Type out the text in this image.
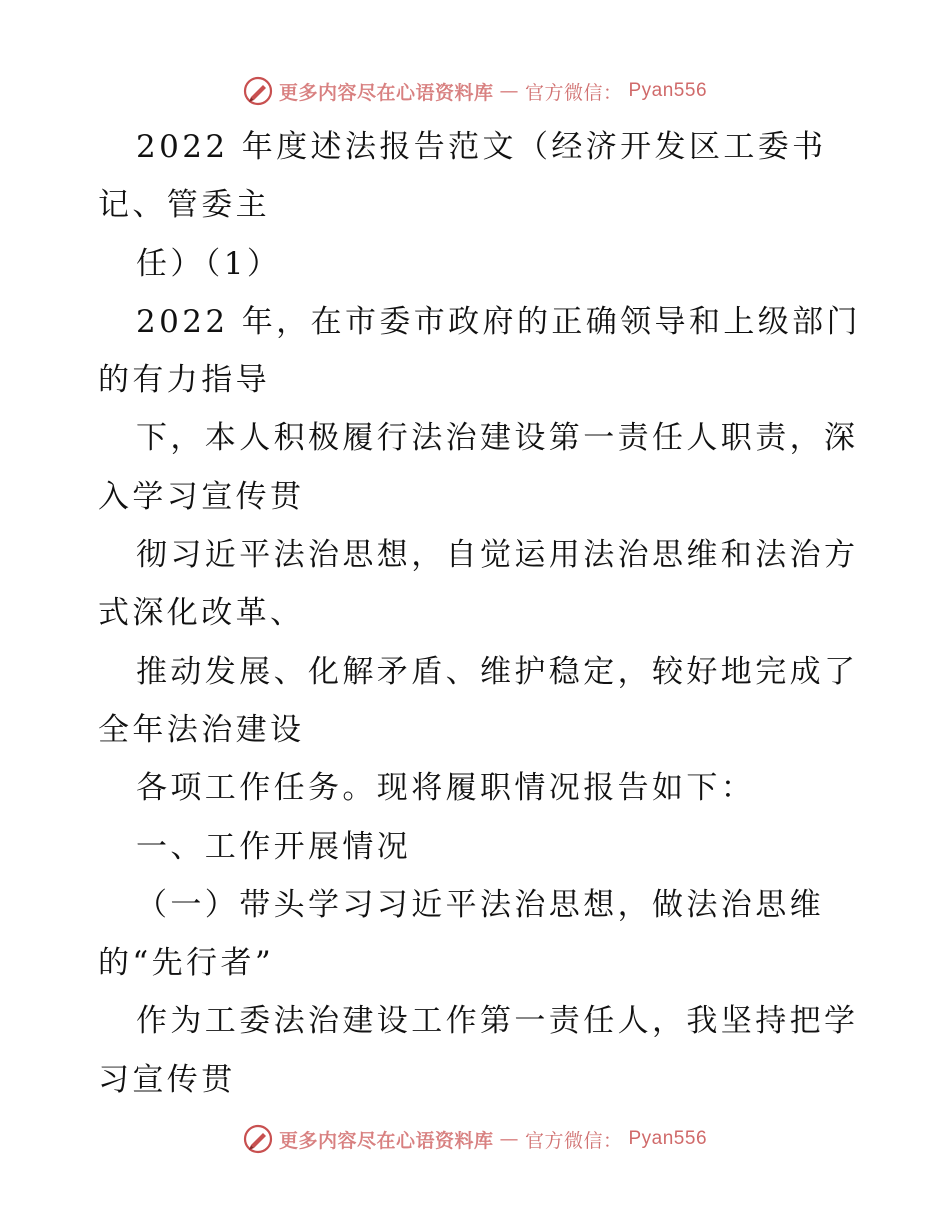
更多内容尽在心语资料库 — 官方微信： Pyan556
2022 年度述法报告范文（经济开发区工委书
记、管委主
任）（1）
2022 年，在市委市政府的正确领导和上级部门
的有力指导
下，本人积极履行法治建设第一责任人职责，深
入学习宣传贯
彻习近平法治思想，自觉运用法治思维和法治方
式深化改革、
推动发展、化解矛盾、维护稳定，较好地完成了
全年法治建设
各项工作任务。现将履职情况报告如下：
一、工作开展情况
（一）带头学习习近平法治思想，做法治思维
的“先行者”
作为工委法治建设工作第一责任人，我坚持把学
习宣传贯
更多内容尽在心语资料库 — 官方微信： Pyan556
